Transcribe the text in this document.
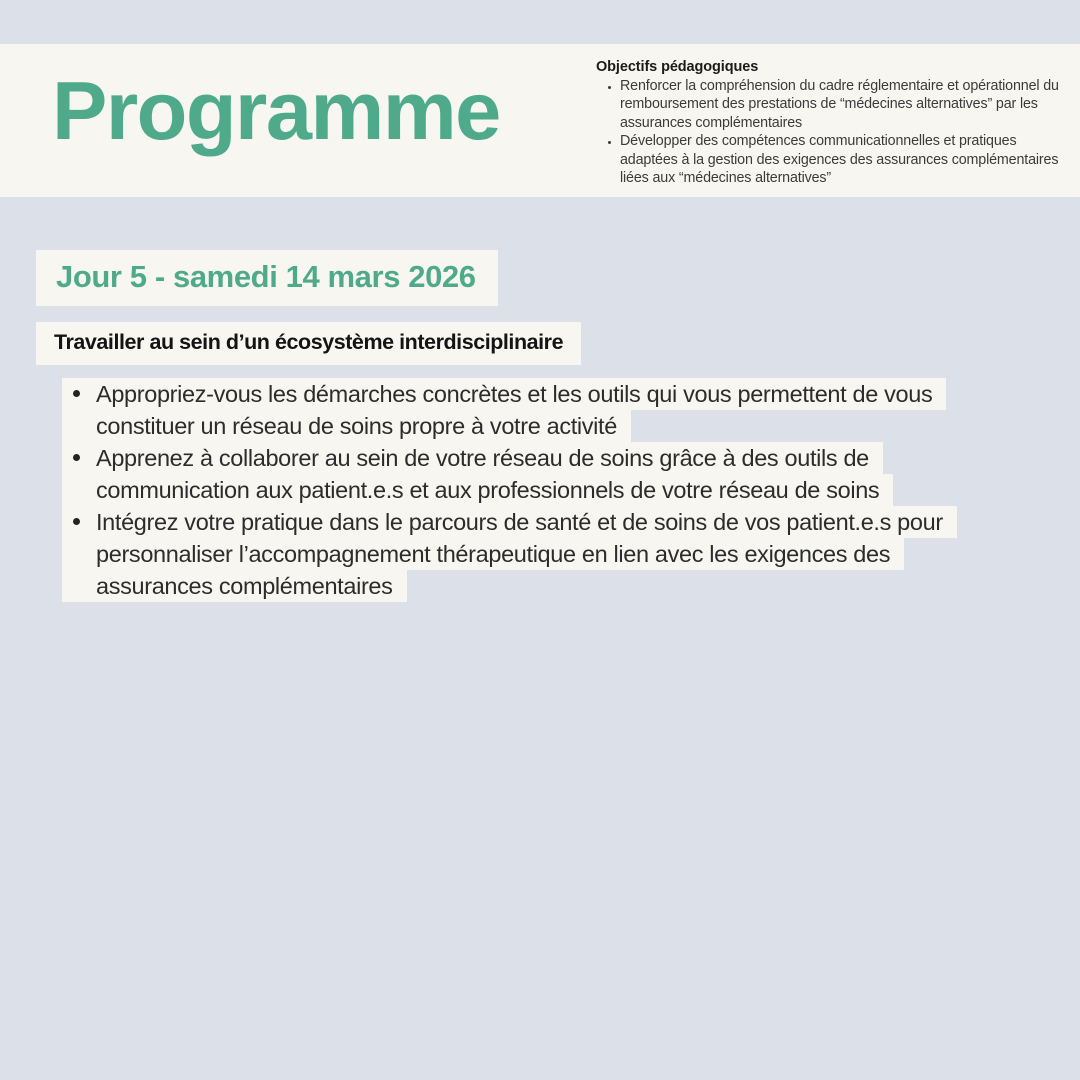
Programme	Objectifs pédagogiques
Renforcer la compréhension du cadre réglementaire et opérationnel du remboursement des prestations de “médecines alternatives” par les assurances complémentaires
Développer des compétences communicationnelles et pratiques adaptées à la gestion des exigences des assurances complémentaires liées aux “médecines alternatives”
Jour 5 - samedi 14 mars 2026
Travailler au sein d’un écosystème interdisciplinaire
Appropriez-vous les démarches concrètes et les outils qui vous permettent de vous
constituer un réseau de soins propre à votre activité
Apprenez à collaborer au sein de votre réseau de soins grâce à des outils de
communication aux patient.e.s et aux professionnels de votre réseau de soins
Intégrez votre pratique dans le parcours de santé et de soins de vos patient.e.s pour
personnaliser l’accompagnement thérapeutique en lien avec les exigences des
assurances complémentaires
